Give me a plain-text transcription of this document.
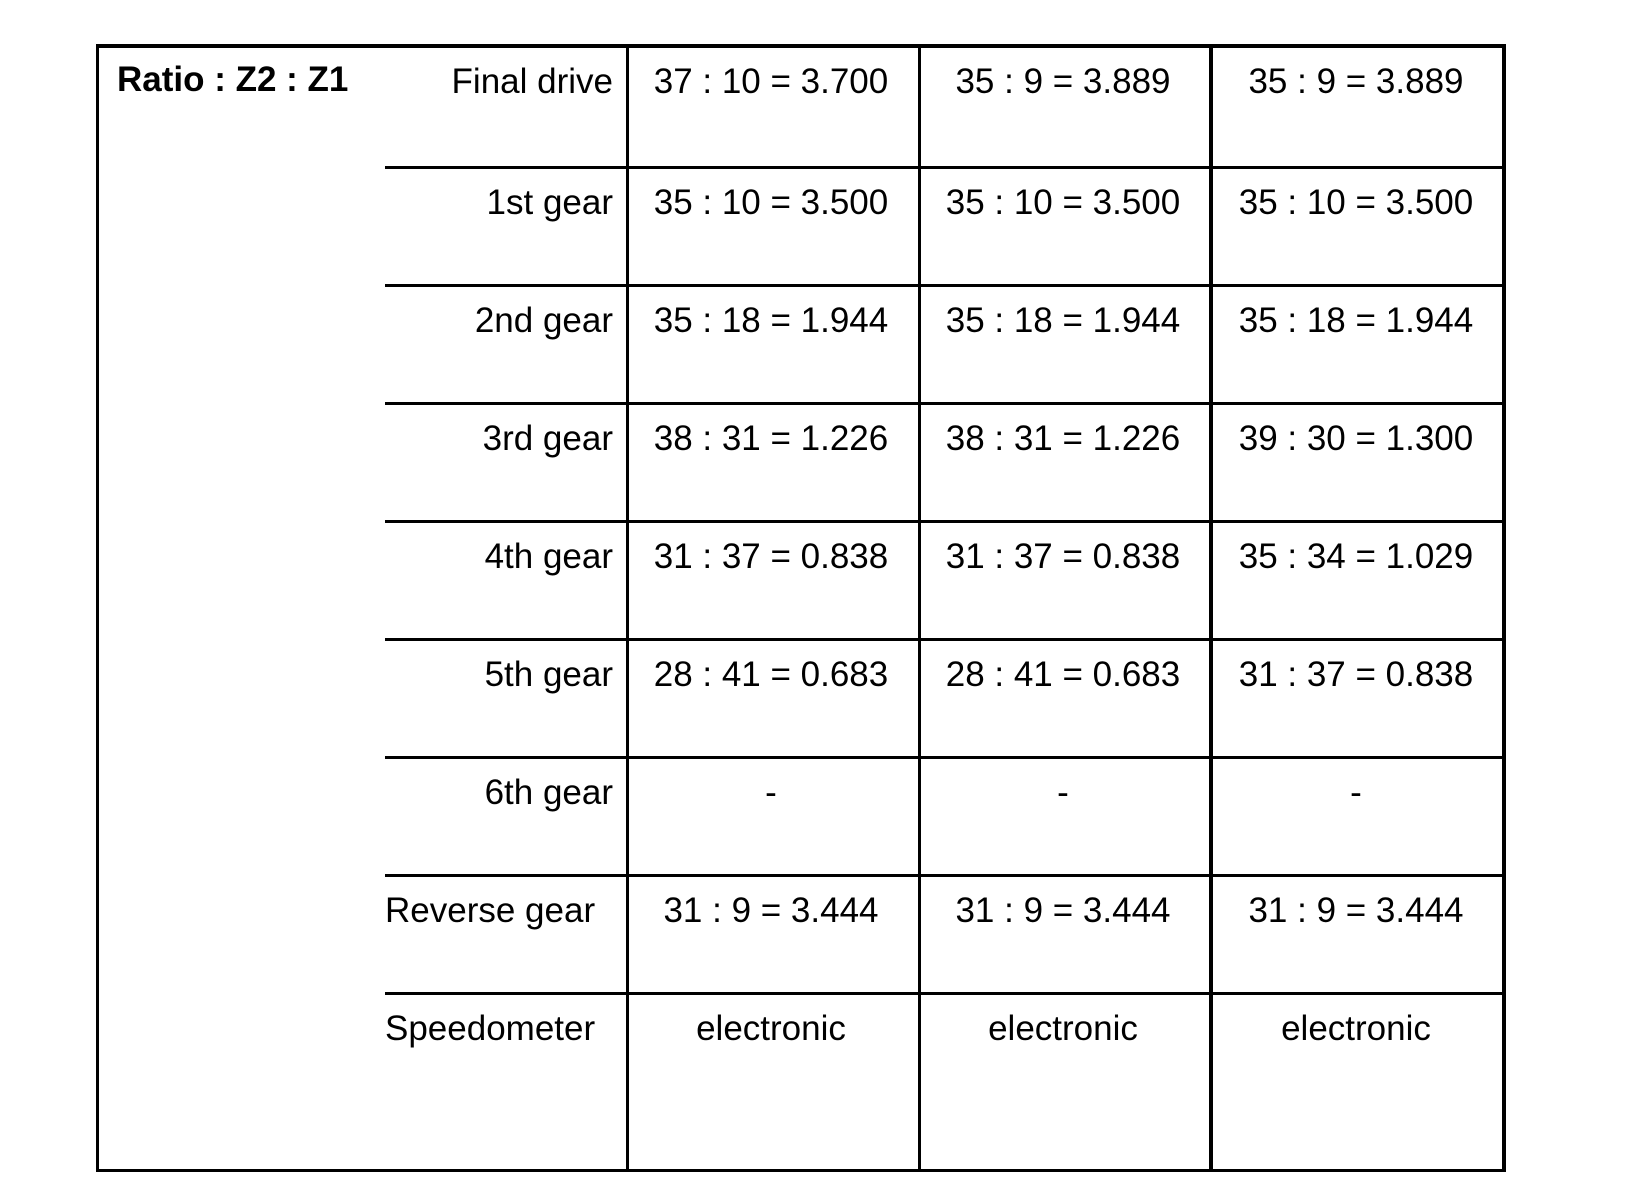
Ratio : Z2 : Z1	Final drive	37 : 10 = 3.700	35 : 9 = 3.889	35 : 9 = 3.889
1st gear	35 : 10 = 3.500	35 : 10 = 3.500	35 : 10 = 3.500
2nd gear	35 : 18 = 1.944	35 : 18 = 1.944	35 : 18 = 1.944
3rd gear	38 : 31 = 1.226	38 : 31 = 1.226	39 : 30 = 1.300
4th gear	31 : 37 = 0.838	31 : 37 = 0.838	35 : 34 = 1.029
5th gear	28 : 41 = 0.683	28 : 41 = 0.683	31 : 37 = 0.838
6th gear	-	-	-
Reverse gear	31 : 9 = 3.444	31 : 9 = 3.444	31 : 9 = 3.444
Speedometer	electronic	electronic	electronic
